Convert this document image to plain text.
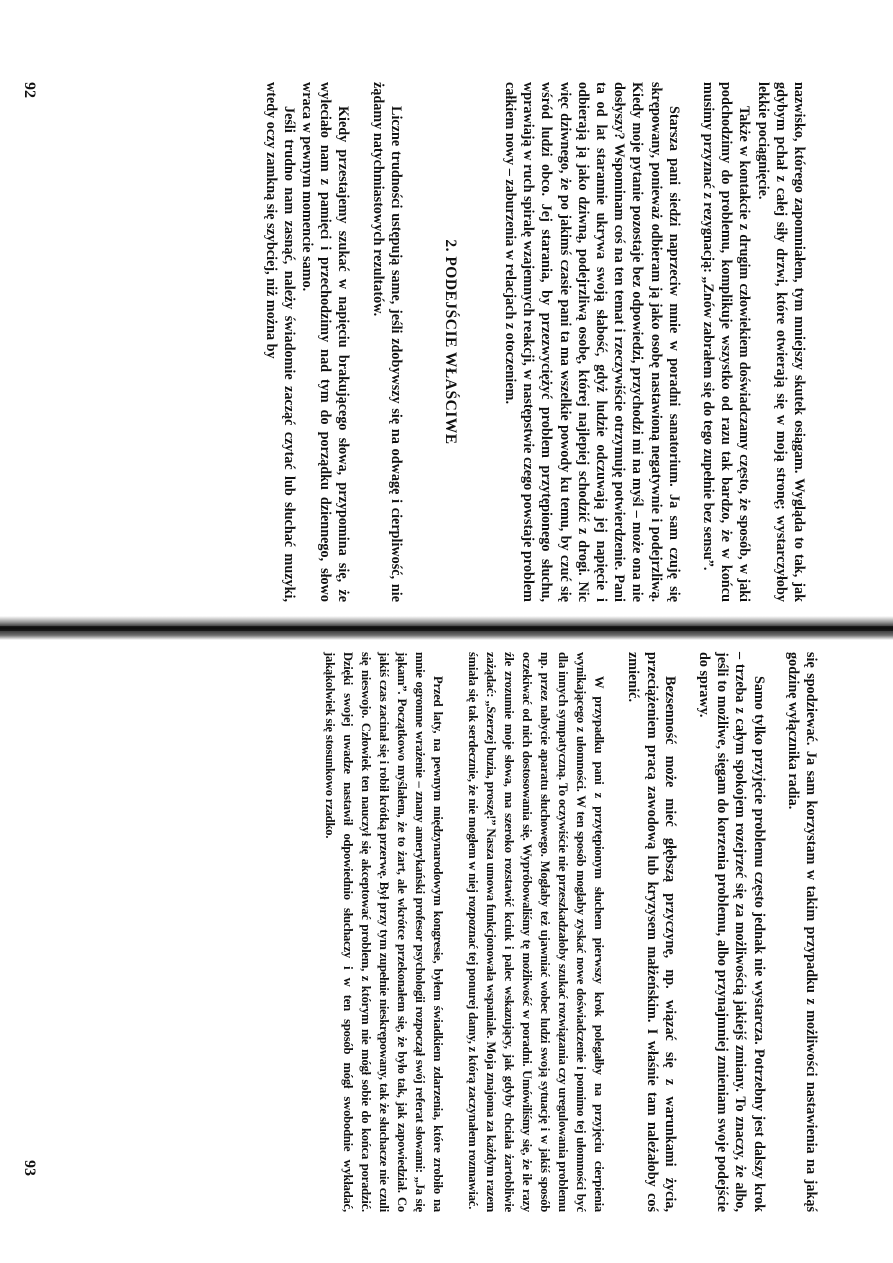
nazwisko, którego zapomniałem, tym mniejszy skutek osiągam. Wygląda to tak, jak gdybym pchał z całej siły drzwi, które otwierają się w moją stronę; wystarczyłoby lekkie pociągnięcie.

Także w kontakcie z drugim człowiekiem doświadczamy często, że sposób, w jaki podchodzimy do problemu, komplikuje wszystko od razu tak bardzo, że w końcu musimy przyznać z rezygnacją: „Znów zabrałem się do tego zupełnie bez sensu”.

Starsza pani siedzi naprzeciw mnie w poradni sanatorium. Ja sam czuję się skrępowany, ponieważ odbieram ją jako osobę nastawioną negatywnie i podejrzliwą. Kiedy moje pytanie pozostaje bez odpowiedzi, przychodzi mi na myśl – może ona nie dosłyszy? Wspominam coś na ten temat i rzeczywiście otrzymuję potwierdzenie. Pani ta od lat starannie ukrywa swoją słabość, gdyż ludzie odczuwają jej napięcie i odbierają ją jako dziwną, podejrzliwą osobę, której najlepiej schodzić z drogi. Nic więc dziwnego, że po jakimś czasie pani ta ma wszelkie powody ku temu, by czuć się wśród ludzi obco. Jej starania, by przezwyciężyć problem przytępionego słuchu, wprawiają w ruch spiralę wzajemnych reakcji, w następstwie czego powstaje problem całkiem nowy – zaburzenia w relacjach z otoczeniem.

2. PODEJŚCIE WŁAŚCIWE

Liczne trudności ustępują same, jeśli zdobywszy się na odwagę i cierpliwość, nie żądamy natychmiastowych rezultatów.

Kiedy przestajemy szukać w napięciu brakującego słowa, przypomina się, że wyleciało nam z pamięci i przechodzimy nad tym do porządku dziennego, słowo wraca w pewnym momencie samo.

Jeśli trudno nam zasnąć, należy świadomie zacząć czytać lub słuchać muzyki, wtedy oczy zamkną się szybciej, niż można by

92

się spodziewać. Ja sam korzystam w takim przypadku z możliwości nastawienia na jakąś godzinę wyłącznika radia.

Samo tylko przyjęcie problemu często jednak nie wystarcza. Potrzebny jest dalszy krok – trzeba z całym spokojem rozejrzeć się za możliwością jakiejś zmiany. To znaczy, że albo, jeśli to możliwe, sięgam do korzenia problemu, albo przynajmniej zmieniam swoje podejście do sprawy.

Bezsenność może mieć głębszą przyczynę, np. wiązać się z warunkami życia, przeciążeniem pracą zawodową lub kryzysem małżeńskim. I właśnie tam należałoby coś zmienić.

W przypadku pani z przytępionym słuchem pierwszy krok polegałby na przyjęciu cierpienia wynikającego z ułomności. W ten sposób mogłaby zyskać nowe doświadczenie i pomimo tej ułomności być dla innych sympatyczną. To oczywiście nie przeszkadzałoby szukać rozwiązania czy uregulowania problemu np. przez nabycie aparatu słuchowego. Mogłaby też ujawniać wobec ludzi swoją sytuację i w jakiś sposób oczekiwać od nich dostosowania się. Wypróbowaliśmy tę możliwość w poradni. Umówiliśmy się, że ile razy źle zrozumie moje słowa, ma szeroko rozstawić kciuk i palec wskazujący, jak gdyby chciała żartobliwie zażądać: „Szerzej buzia, proszę!” Nasza umowa funkcjonowała wspaniale. Moja znajoma za każdym razem śmiała się tak serdecznie, że nie mogłem w niej rozpoznać tej ponurej damy, z którą zaczynałem rozmawiać.

Przed laty, na pewnym międzynarodowym kongresie, byłem świadkiem zdarzenia, które zrobiło na mnie ogromne wrażenie – znany amerykański profesor psychologii rozpoczął swój referat słowami: „Ja się jąkam”. Początkowo myślałem, że to żart, ale wkrótce przekonałem się, że było tak, jak zapowiedział. Co jakiś czas zacinał się i robił krótką przerwę. Był przy tym zupełnie nieskrępowany, tak że słuchacze nie czuli się nieswojo. Człowiek ten nauczył się akceptować problem, z którym nie mógł sobie do końca poradzić. Dzięki swojej uwadze nastawił odpowiednio słuchaczy i w ten sposób mógł swobodnie wykładać, jakąkolwiek się stosunkowo rzadko.

93
